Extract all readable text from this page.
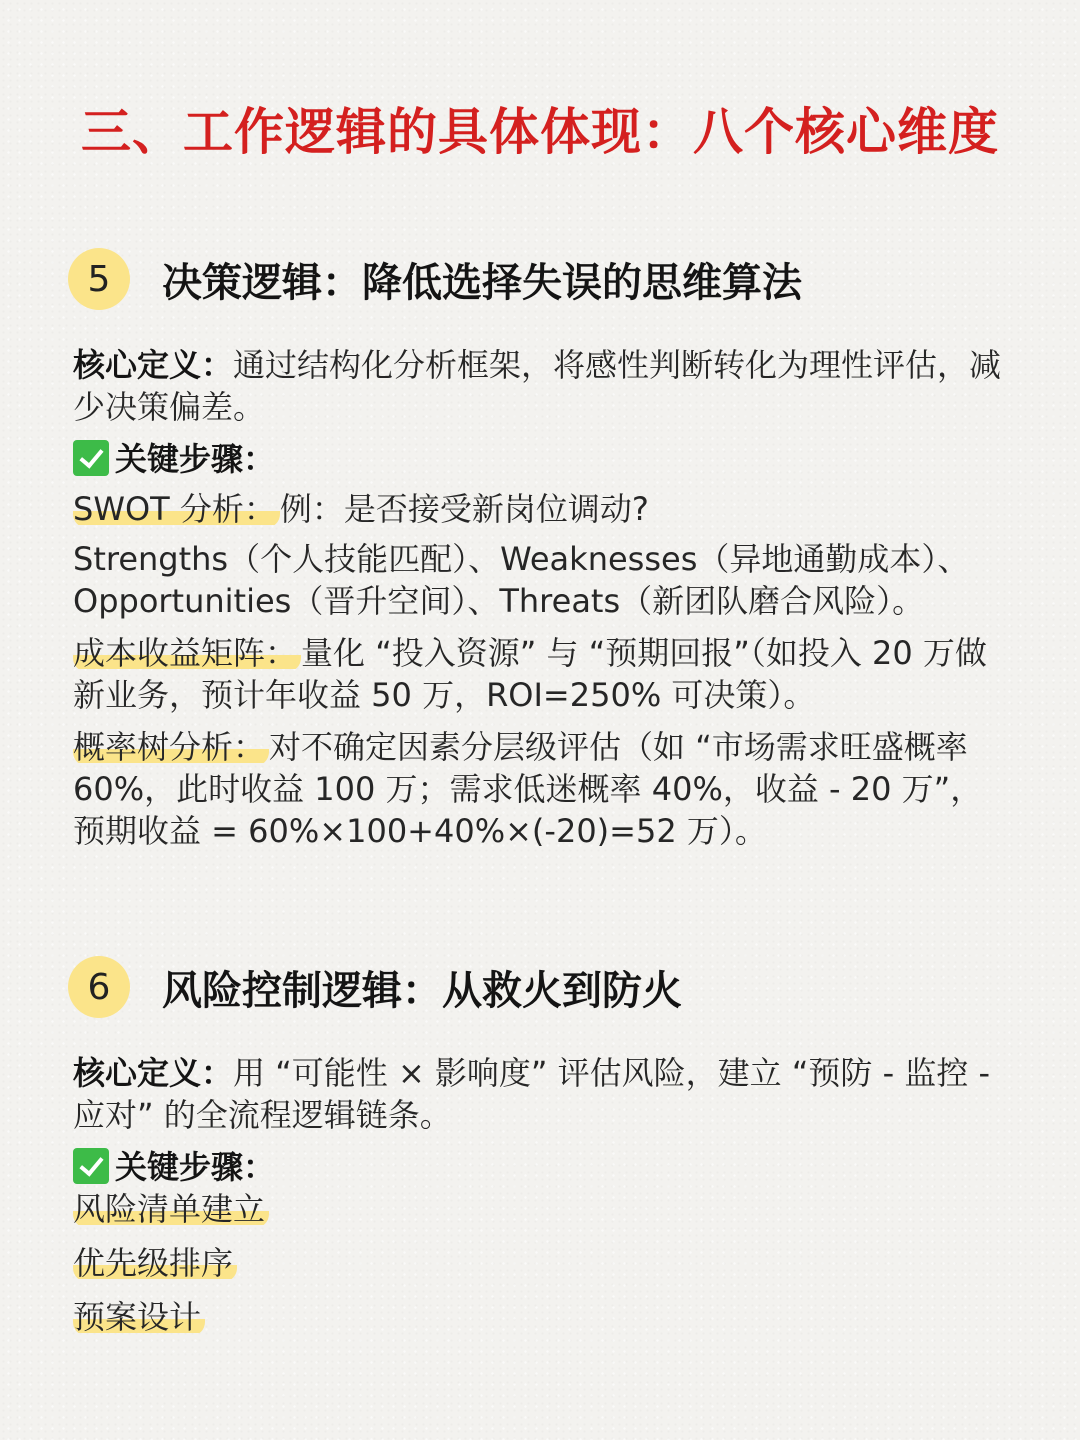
三、工作逻辑的具体体现：八个核心维度
5	决策逻辑：降低选择失误的思维算法

核心定义：通过结构化分析框架，将感性判断转化为理性评估，减少决策偏差。

关键步骤：

SWOT 分析： 例：是否接受新岗位调动?

Strengths（个人技能匹配）、Weaknesses（异地通勤成本）、Opportunities（晋升空间）、Threats（新团队磨合风险）。

成本收益矩阵： 量化 “投入资源” 与 “预期回报”（如投入 20 万做新业务，预计年收益 50 万，ROI=250% 可决策）。

概率树分析： 对不确定因素分层级评估（如 “市场需求旺盛概率 60%，此时收益 100 万；需求低迷概率 40%，收益 - 20 万”，预期收益 = 60%×100+40%×(-20)=52 万）。

6	风险控制逻辑：从救火到防火

核心定义：用 “可能性 × 影响度” 评估风险，建立 “预防 - 监控 - 应对” 的全流程逻辑链条。

关键步骤：

风险清单建立

优先级排序

预案设计
